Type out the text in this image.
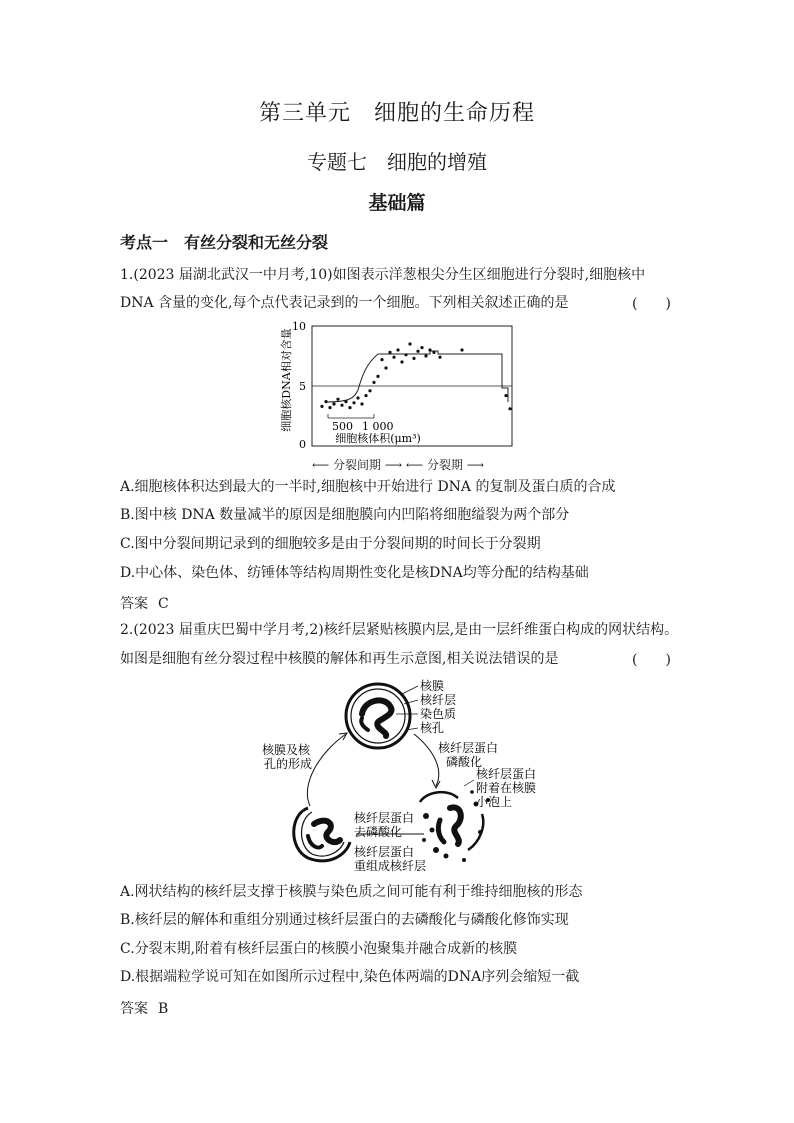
第三单元　细胞的生命历程
专题七　细胞的增殖
基础篇
考点一　有丝分裂和无丝分裂
1.(2023 届湖北武汉一中月考,10)如图表示洋葱根尖分生区细胞进行分裂时,细胞核中
DNA 含量的变化,每个点代表记录到的一个细胞。下列相关叙述正确的是	(　　)
细胞核DNA相对含量
10
5
0
500 1 000
细胞核体积(μm³)
⟵ 分裂间期 ⟶ ⟵ 分裂期 ⟶
A.细胞核体积达到最大的一半时,细胞核中开始进行 DNA 的复制及蛋白质的合成
B.图中核 DNA 数量减半的原因是细胞膜向内凹陷将细胞缢裂为两个部分
C.图中分裂间期记录到的细胞较多是由于分裂间期的时间长于分裂期
D.中心体、染色体、纺锤体等结构周期性变化是核DNA均等分配的结构基础
答案 C
2.(2023 届重庆巴蜀中学月考,2)核纤层紧贴核膜内层,是由一层纤维蛋白构成的网状结构。
如图是细胞有丝分裂过程中核膜的解体和再生示意图,相关说法错误的是	(　　)
核膜
核纤层
染色质
核孔
核纤层蛋白
磷酸化
核膜及核
孔的形成
核纤层蛋白
附着在核膜
小泡上
核纤层蛋白
去磷酸化
核纤层蛋白
重组成核纤层
A.网状结构的核纤层支撑于核膜与染色质之间可能有利于维持细胞核的形态
B.核纤层的解体和重组分别通过核纤层蛋白的去磷酸化与磷酸化修饰实现
C.分裂末期,附着有核纤层蛋白的核膜小泡聚集并融合成新的核膜
D.根据端粒学说可知在如图所示过程中,染色体两端的DNA序列会缩短一截
答案 B
